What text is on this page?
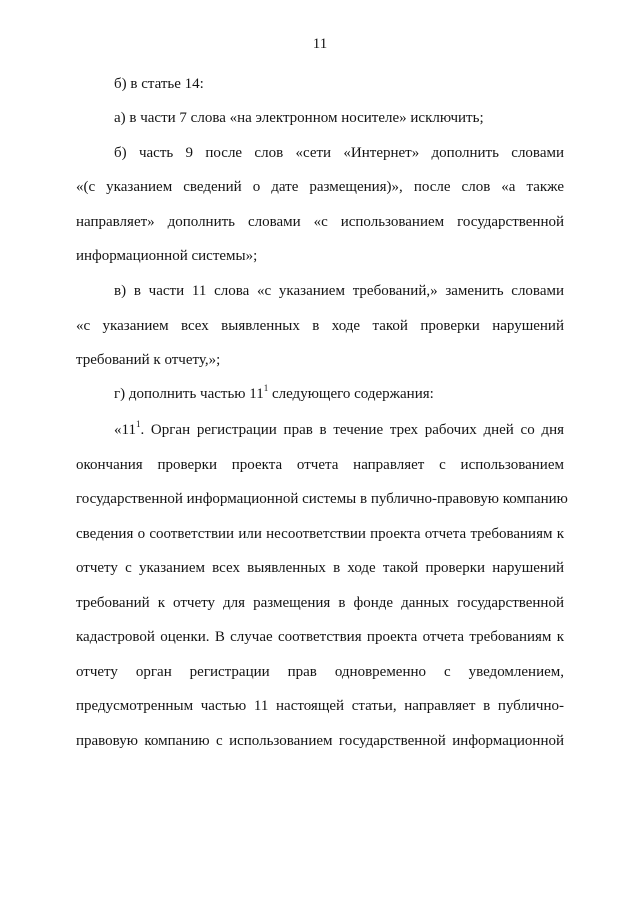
11
б) в статье 14:
а) в части 7 слова «на электронном носителе» исключить;
б) часть 9 после слов «сети «Интернет» дополнить словами
«(с указанием сведений о дате размещения)», после слов «а также
направляет» дополнить словами «с использованием государственной
информационной системы»;
в) в части 11 слова «с указанием требований,» заменить словами
«с указанием всех выявленных в ходе такой проверки нарушений
требований к отчету,»;
г) дополнить частью $11^1$ следующего содержания:
«$11^1$. Орган регистрации прав в течение трех рабочих дней со дня
окончания проверки проекта отчета направляет с использованием
государственной информационной системы в публично-правовую компанию
сведения о соответствии или несоответствии проекта отчета требованиям к
отчету с указанием всех выявленных в ходе такой проверки нарушений
требований к отчету для размещения в фонде данных государственной
кадастровой оценки. В случае соответствия проекта отчета требованиям к
отчету орган регистрации прав одновременно с уведомлением,
предусмотренным частью 11 настоящей статьи, направляет в публично-
правовую компанию с использованием государственной информационной
